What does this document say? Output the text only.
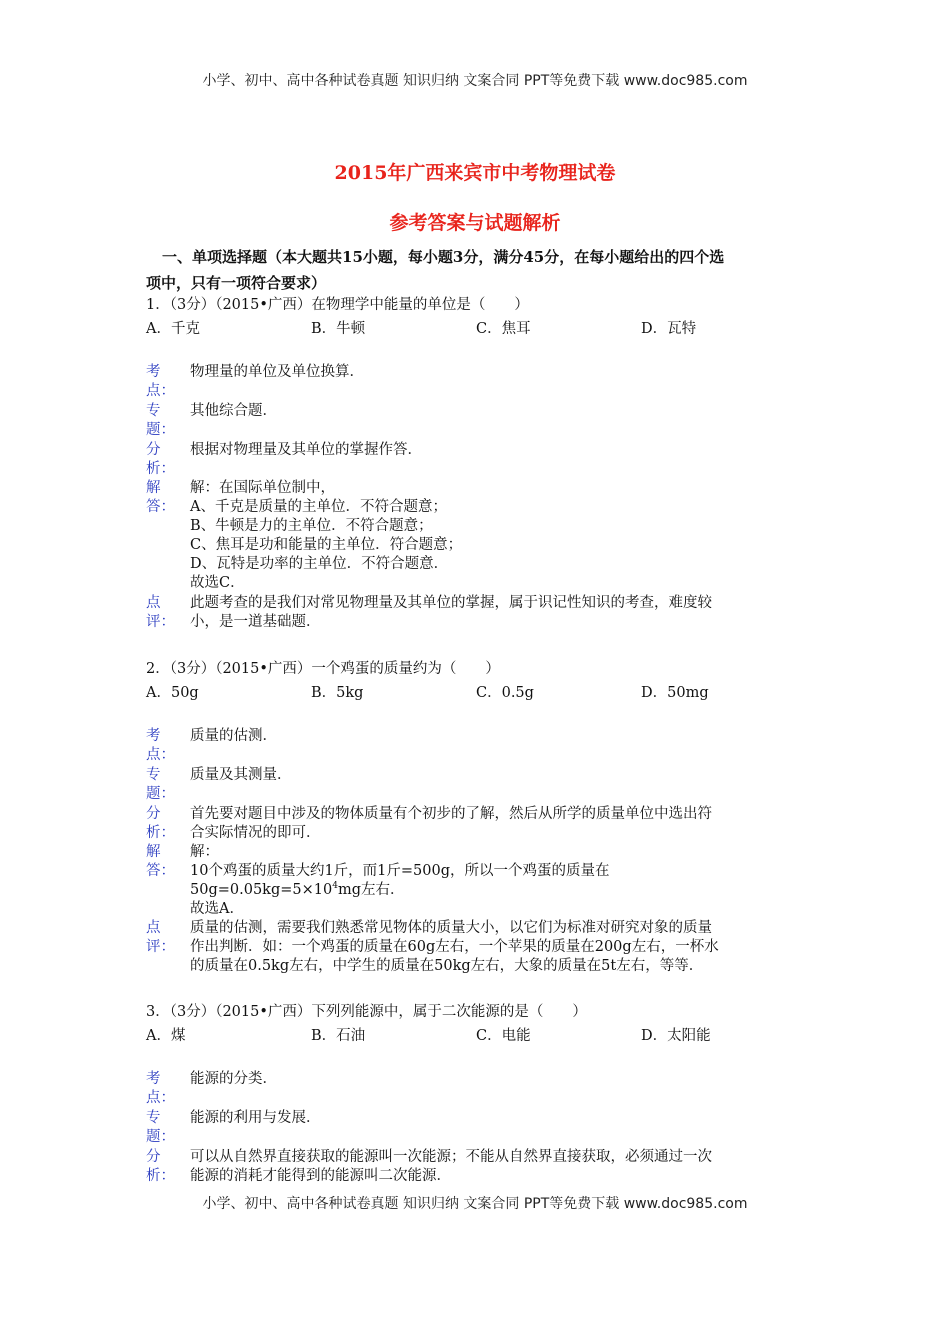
小学、初中、高中各种试卷真题 知识归纳 文案合同 PPT等免费下载 www.doc985.com
2015年广西来宾市中考物理试卷
参考答案与试题解析
一、单项选择题（本大题共15小题，每小题3分，满分45分，在每小题给出的四个选
项中，只有一项符合要求）
1．（3分）（2015•广西）在物理学中能量的单位是（　　）
A．千克	B．牛顿	C．焦耳	D．瓦特
考
点：
物理量的单位及单位换算．
专
题：
其他综合题．
分
析：
根据对物理量及其单位的掌握作答．
解
答：
解：在国际单位制中，
A、千克是质量的主单位．不符合题意；
B、牛顿是力的主单位．不符合题意；
C、焦耳是功和能量的主单位．符合题意；
D、瓦特是功率的主单位．不符合题意．
故选C．
点
评：
此题考查的是我们对常见物理量及其单位的掌握，属于识记性知识的考查，难度较
小，是一道基础题．
2．（3分）（2015•广西）一个鸡蛋的质量约为（　　）
A．50g	B．5kg	C．0.5g	D．50mg
考
点：
质量的估测．
专
题：
质量及其测量．
分
析：
首先要对题目中涉及的物体质量有个初步的了解，然后从所学的质量单位中选出符
合实际情况的即可．
解
答：
解：
10个鸡蛋的质量大约1斤，而1斤=500g，所以一个鸡蛋的质量在
$50g=0.05kg=5\times 10^4mg$左右．
故选A．
点
评：
质量的估测，需要我们熟悉常见物体的质量大小，以它们为标准对研究对象的质量
作出判断．如：一个鸡蛋的质量在60g左右，一个苹果的质量在200g左右，一杯水
的质量在0.5kg左右，中学生的质量在50kg左右，大象的质量在5t左右，等等．
3．（3分）（2015•广西）下列列能源中，属于二次能源的是（　　）
A．煤	B．石油	C．电能	D．太阳能
考
点：
能源的分类．
专
题：
能源的利用与发展．
分
析：
可以从自然界直接获取的能源叫一次能源；不能从自然界直接获取，必须通过一次
能源的消耗才能得到的能源叫二次能源．
小学、初中、高中各种试卷真题 知识归纳 文案合同 PPT等免费下载 www.doc985.com
